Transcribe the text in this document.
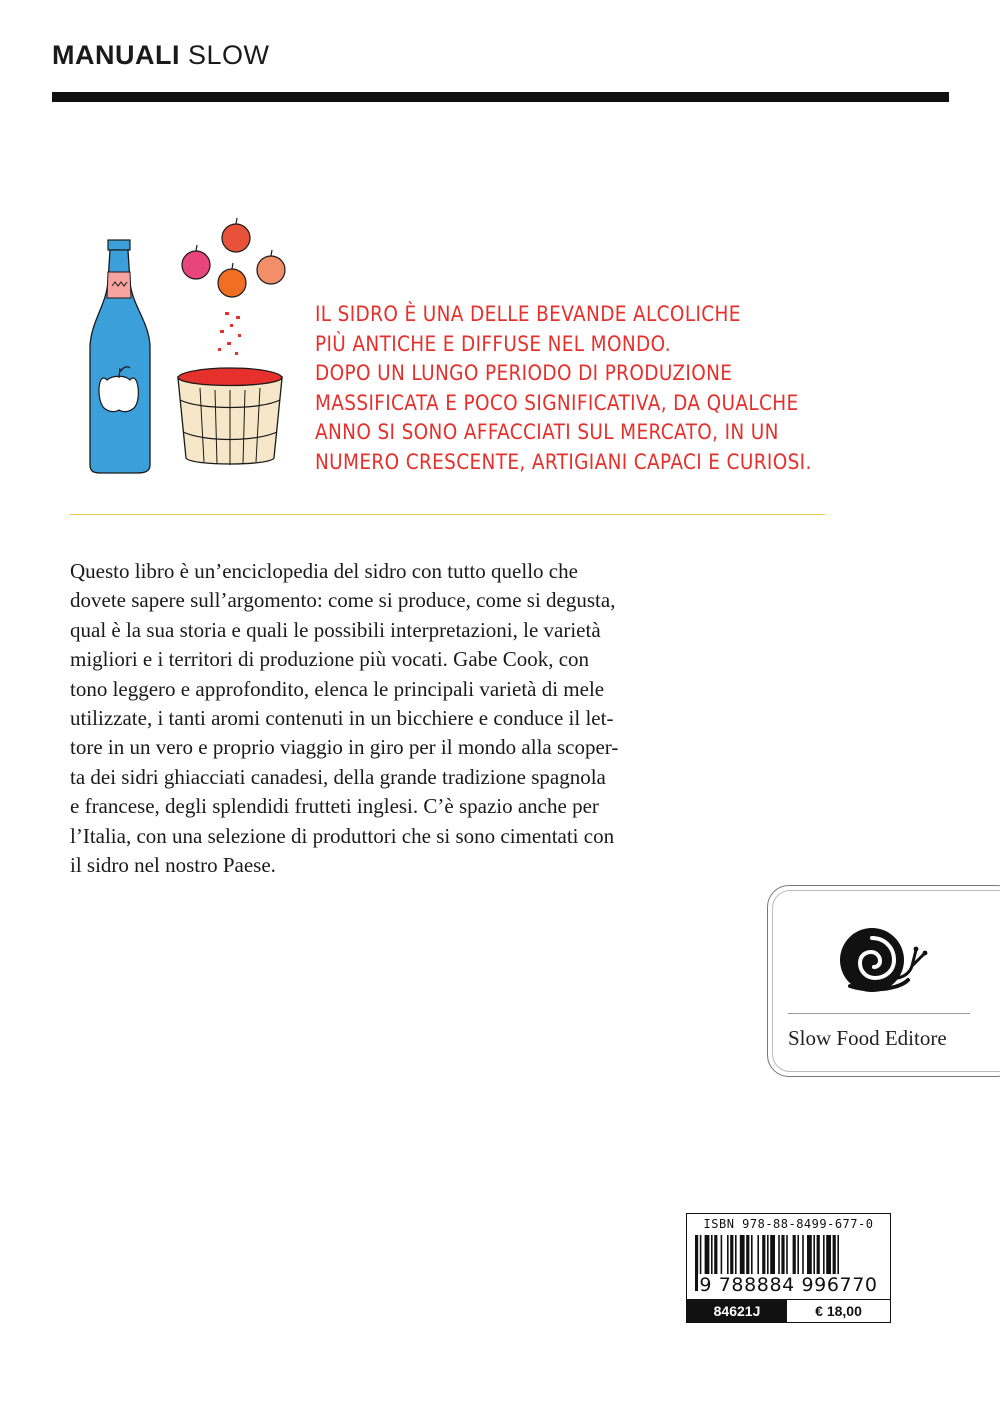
MANUALI SLOW
IL SIDRO È UNA DELLE BEVANDE ALCOLICHE
PIÙ ANTICHE E DIFFUSE NEL MONDO.
DOPO UN LUNGO PERIODO DI PRODUZIONE
MASSIFICATA E POCO SIGNIFICATIVA, DA QUALCHE
ANNO SI SONO AFFACCIATI SUL MERCATO, IN UN
NUMERO CRESCENTE, ARTIGIANI CAPACI E CURIOSI.
Questo libro è un’enciclopedia del sidro con tutto quello che
dovete sapere sull’argomento: come si produce, come si degusta,
qual è la sua storia e quali le possibili interpretazioni, le varietà
migliori e i territori di produzione più vocati. Gabe Cook, con
tono leggero e approfondito, elenca le principali varietà di mele
utilizzate, i tanti aromi contenuti in un bicchiere e conduce il let-
tore in un vero e proprio viaggio in giro per il mondo alla scoper-
ta dei sidri ghiacciati canadesi, della grande tradizione spagnola
e francese, degli splendidi frutteti inglesi. C’è spazio anche per
l’Italia, con una selezione di produttori che si sono cimentati con
il sidro nel nostro Paese.
Slow Food Editore
ISBN 978-88-8499-677-0
9 788884 996770
84621J	€ 18,00
